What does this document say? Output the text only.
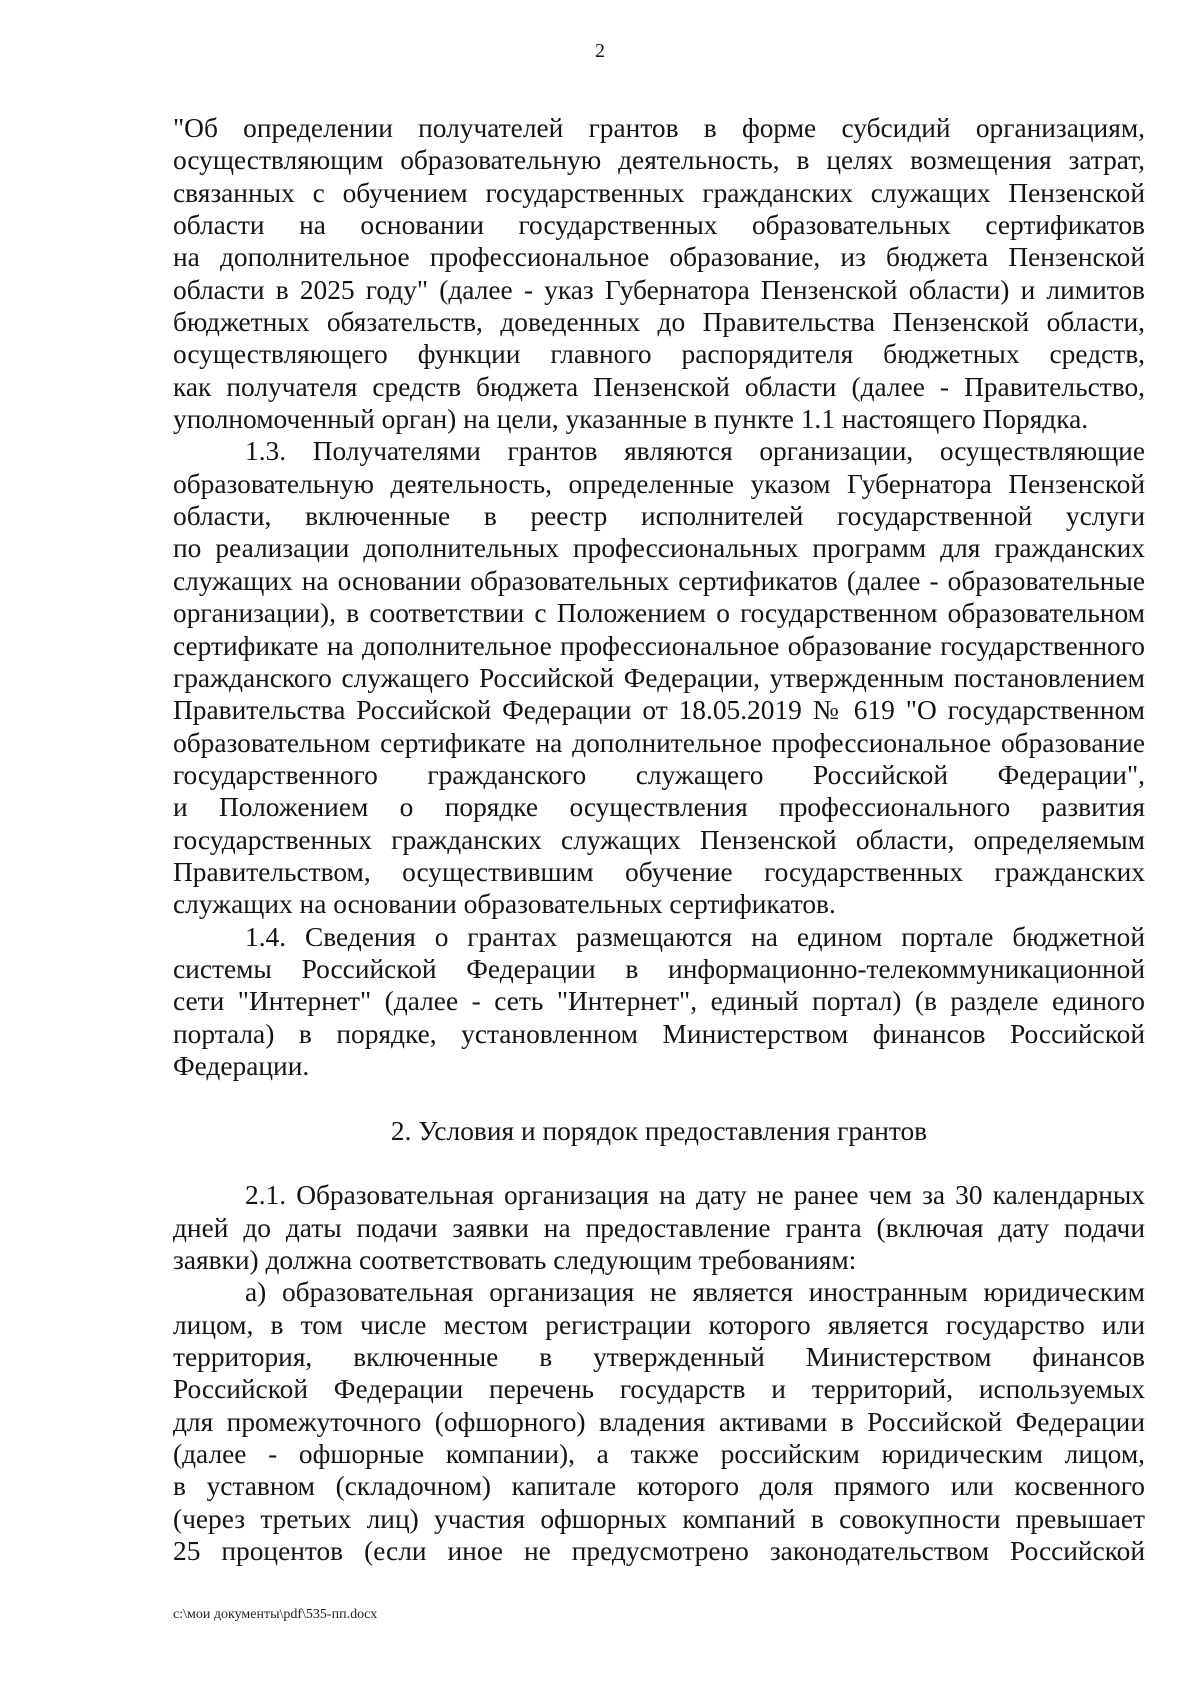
2
"Об определении получателей грантов в форме субсидий организациям,
осуществляющим образовательную деятельность, в целях возмещения затрат,
связанных с обучением государственных гражданских служащих Пензенской
области на основании государственных образовательных сертификатов
на дополнительное профессиональное образование, из бюджета Пензенской
области в 2025 году" (далее - указ Губернатора Пензенской области) и лимитов
бюджетных обязательств, доведенных до Правительства Пензенской области,
осуществляющего функции главного распорядителя бюджетных средств,
как получателя средств бюджета Пензенской области (далее - Правительство,
уполномоченный орган) на цели, указанные в пункте 1.1 настоящего Порядка.
1.3. Получателями грантов являются организации, осуществляющие
образовательную деятельность, определенные указом Губернатора Пензенской
области, включенные в реестр исполнителей государственной услуги
по реализации дополнительных профессиональных программ для гражданских
служащих на основании образовательных сертификатов (далее - образовательные
организации), в соответствии с Положением о государственном образовательном
сертификате на дополнительное профессиональное образование государственного
гражданского служащего Российской Федерации, утвержденным постановлением
Правительства Российской Федерации от 18.05.2019 № 619 "О государственном
образовательном сертификате на дополнительное профессиональное образование
государственного гражданского служащего Российской Федерации",
и Положением о порядке осуществления профессионального развития
государственных гражданских служащих Пензенской области, определяемым
Правительством, осуществившим обучение государственных гражданских
служащих на основании образовательных сертификатов.
1.4. Сведения о грантах размещаются на едином портале бюджетной
системы Российской Федерации в информационно-телекоммуникационной
сети "Интернет" (далее - сеть "Интернет", единый портал) (в разделе единого
портала) в порядке, установленном Министерством финансов Российской
Федерации.
2. Условия и порядок предоставления грантов
2.1. Образовательная организация на дату не ранее чем за 30 календарных
дней до даты подачи заявки на предоставление гранта (включая дату подачи
заявки) должна соответствовать следующим требованиям:
а) образовательная организация не является иностранным юридическим
лицом, в том числе местом регистрации которого является государство или
территория, включенные в утвержденный Министерством финансов
Российской Федерации перечень государств и территорий, используемых
для промежуточного (офшорного) владения активами в Российской Федерации
(далее - офшорные компании), а также российским юридическим лицом,
в уставном (складочном) капитале которого доля прямого или косвенного
(через третьих лиц) участия офшорных компаний в совокупности превышает
25 процентов (если иное не предусмотрено законодательством Российской
c:\мои документы\pdf\535-пп.docx
